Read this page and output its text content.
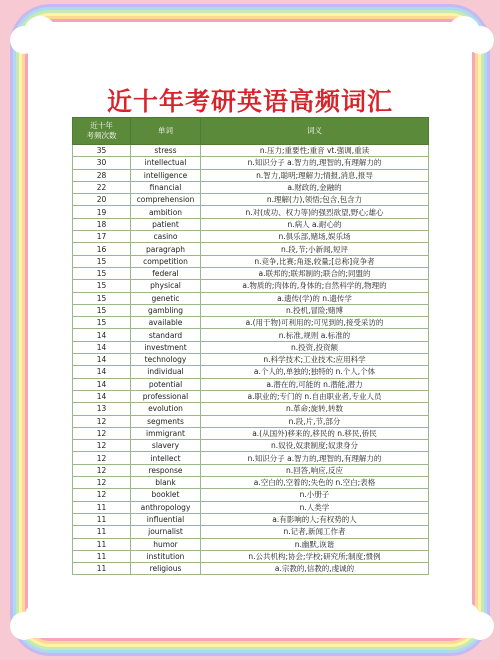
近十年考研英语高频词汇
近十年
考频次数	单词	词义
35	stress	n.压力;重要性;重音 vt.强调,重读
30	intellectual	n.知识分子 a.智力的,理智的,有理解力的
28	intelligence	n.智力,聪明;理解力;情报,消息,报导
22	financial	a.财政的,金融的
20	comprehension	n.理解(力),领悟;包含,包含力
19	ambition	n.对(成功、权力等)的强烈欲望,野心;雄心
18	patient	n.病人 a.耐心的
17	casino	n.俱乐部,赌场,娱乐场
16	paragraph	n.段,节;小新闻,短评
15	competition	n.竞争,比赛;角逐,较量;[总称]竞争者
15	federal	a.联邦的;联邦制的;联合的;同盟的
15	physical	a.物质的;肉体的,身体的;自然科学的,物理的
15	genetic	a.遗传(学)的 n.遗传学
15	gambling	n.投机,冒险;赌博
15	available	a.(用于物)可利用的;可见到的,接受采访的
14	standard	n.标准,规则 a.标准的
14	investment	n.投资,投资额
14	technology	n.科学技术;工业技术;应用科学
14	individual	a.个人的,单独的;独特的 n.个人,个体
14	potential	a.潜在的,可能的 n.潜能,潜力
14	professional	a.职业的;专门的 n.自由职业者,专业人员
13	evolution	n.革命;旋转,转数
12	segments	n.段,片,节,部分
12	immigrant	a.(从国外)移来的,移民的 n.移民,侨民
12	slavery	n.奴役,奴隶制度;奴隶身分
12	intellect	n.知识分子 a.智力的,理智的,有理解力的
12	response	n.回答,响应,反应
12	blank	a.空白的,空着的;失色的 n.空白;表格
12	booklet	n.小册子
11	anthropology	n.人类学
11	influential	a.有影响的人;有权势的人
11	journalist	n.记者,新闻工作者
11	humor	n.幽默,诙谐
11	institution	n.公共机构;协会;学校;研究所;制度;惯例
11	religious	a.宗教的,信教的,虔诚的
